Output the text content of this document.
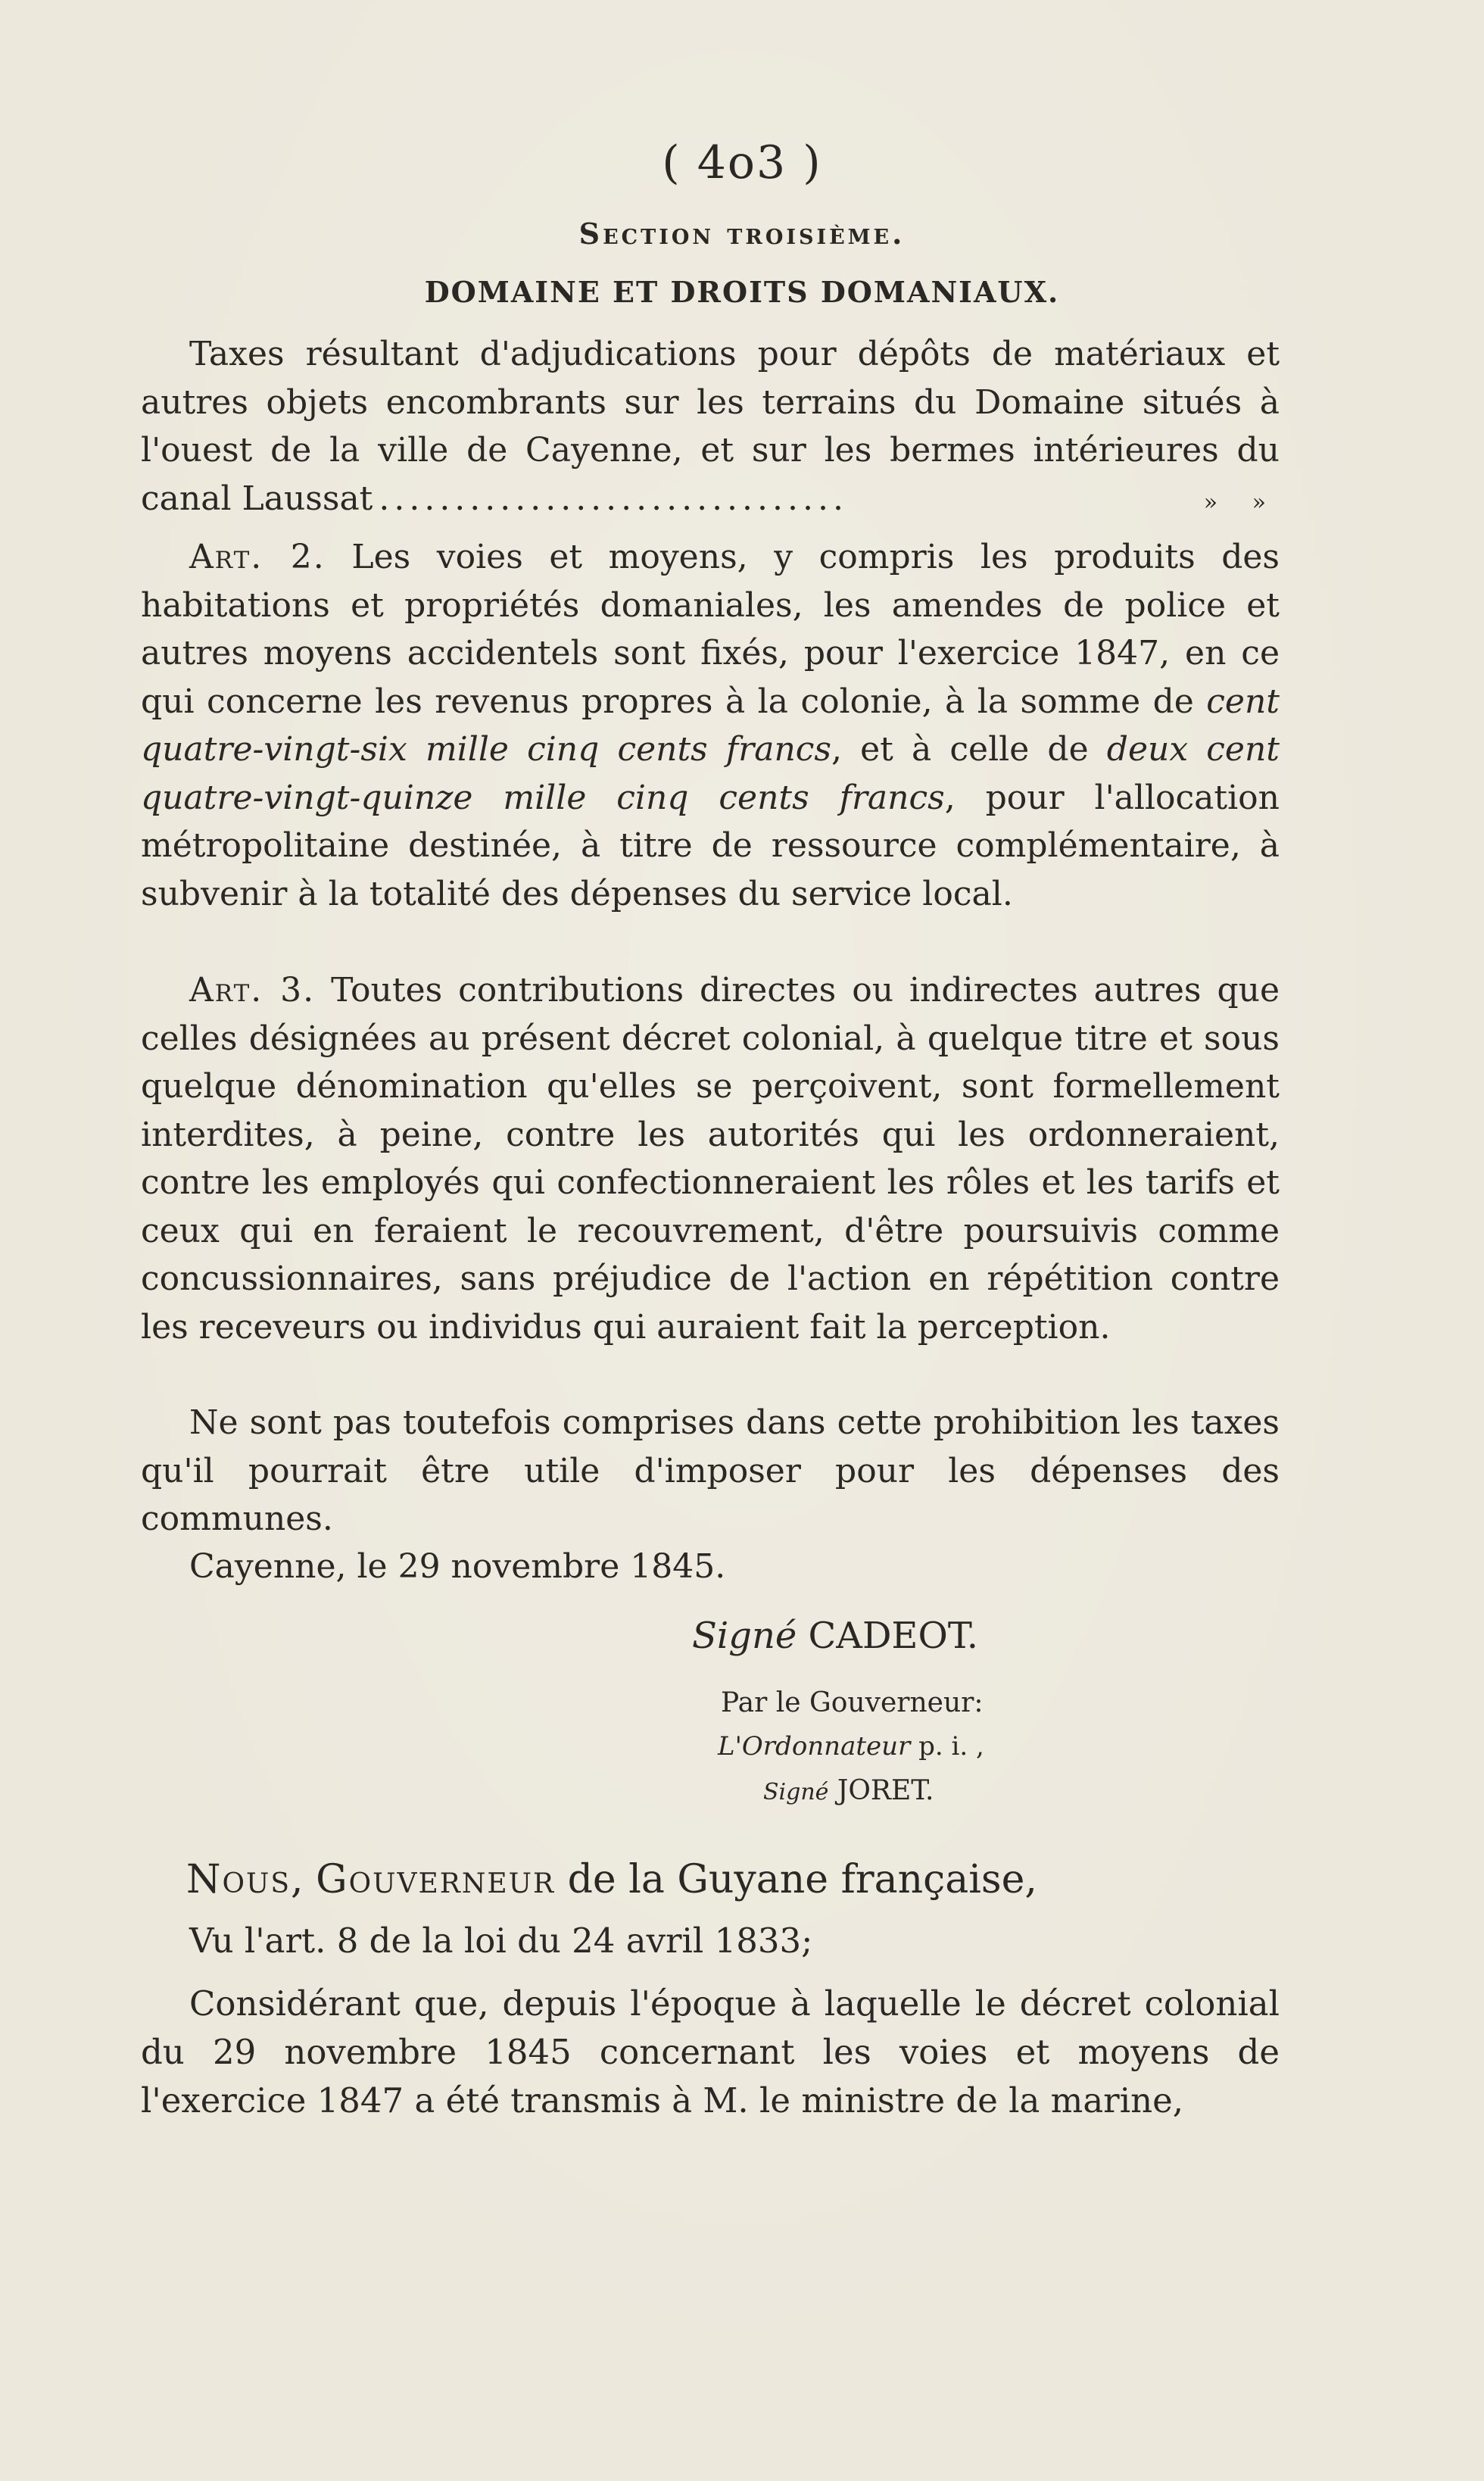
( 4o3 )
Section troisième.
DOMAINE ET DROITS DOMANIAUX.

Taxes résultant d'adjudications pour dépôts de matériaux et

autres objets encombrants sur les terrains du Domaine situés à

l'ouest de la ville de Cayenne, et sur les bermes intérieures du

canal Laussat ...............................	» »

Art. 2. Les voies et moyens, y compris les produits des habitations et propriétés domaniales, les amendes de police et autres moyens accidentels sont fixés, pour l'exercice 1847, en ce qui concerne les revenus propres à la colonie, à la somme de cent quatre-vingt-six mille cinq cents francs, et à celle de deux cent quatre-vingt-quinze mille cinq cents francs, pour l'allocation métropolitaine destinée, à titre de ressource complémentaire, à subvenir à la totalité des dépenses du service local.

Art. 3. Toutes contributions directes ou indirectes autres que celles désignées au présent décret colonial, à quelque titre et sous quelque dénomination qu'elles se perçoivent, sont formellement interdites, à peine, contre les autorités qui les ordonneraient, contre les employés qui confectionneraient les rôles et les tarifs et ceux qui en feraient le recouvrement, d'être poursuivis comme concussionnaires, sans préjudice de l'action en répétition contre les receveurs ou individus qui auraient fait la perception.

Ne sont pas toutefois comprises dans cette prohibition les taxes qu'il pourrait être utile d'imposer pour les dépenses des communes.

Cayenne, le 29 novembre 1845.

Signé CADEOT.
Par le Gouverneur:
L'Ordonnateur p. i. ,
Signé JORET.
Nous, Gouverneur de la Guyane française,

Vu l'art. 8 de la loi du 24 avril 1833;

Considérant que, depuis l'époque à laquelle le décret colonial du 29 novembre 1845 concernant les voies et moyens de l'exercice 1847 a été transmis à M. le ministre de la marine,
